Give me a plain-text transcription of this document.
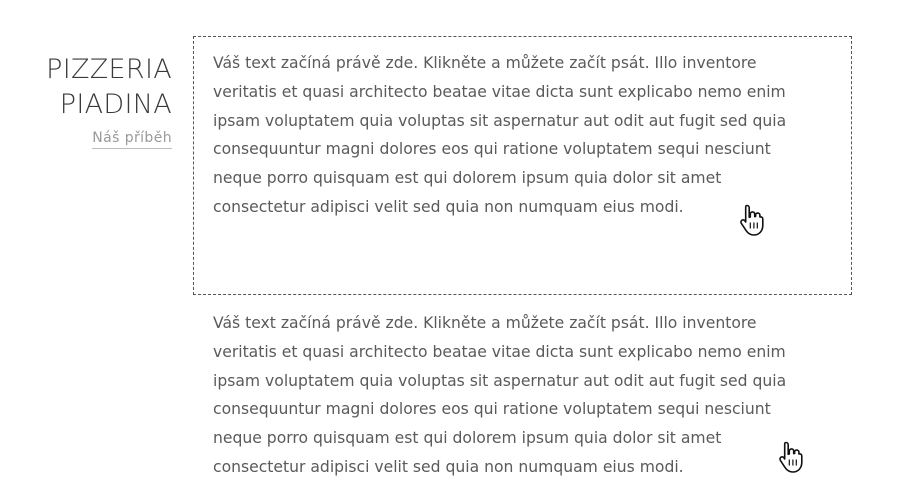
PIZZERIA
PIADINA
Náš příběh
Váš text začíná právě zde. Klikněte a můžete začít psát. Illo inventore
veritatis et quasi architecto beatae vitae dicta sunt explicabo nemo enim
ipsam voluptatem quia voluptas sit aspernatur aut odit aut fugit sed quia
consequuntur magni dolores eos qui ratione voluptatem sequi nesciunt
neque porro quisquam est qui dolorem ipsum quia dolor sit amet
consectetur adipisci velit sed quia non numquam eius modi.
Váš text začíná právě zde. Klikněte a můžete začít psát. Illo inventore
veritatis et quasi architecto beatae vitae dicta sunt explicabo nemo enim
ipsam voluptatem quia voluptas sit aspernatur aut odit aut fugit sed quia
consequuntur magni dolores eos qui ratione voluptatem sequi nesciunt
neque porro quisquam est qui dolorem ipsum quia dolor sit amet
consectetur adipisci velit sed quia non numquam eius modi.
